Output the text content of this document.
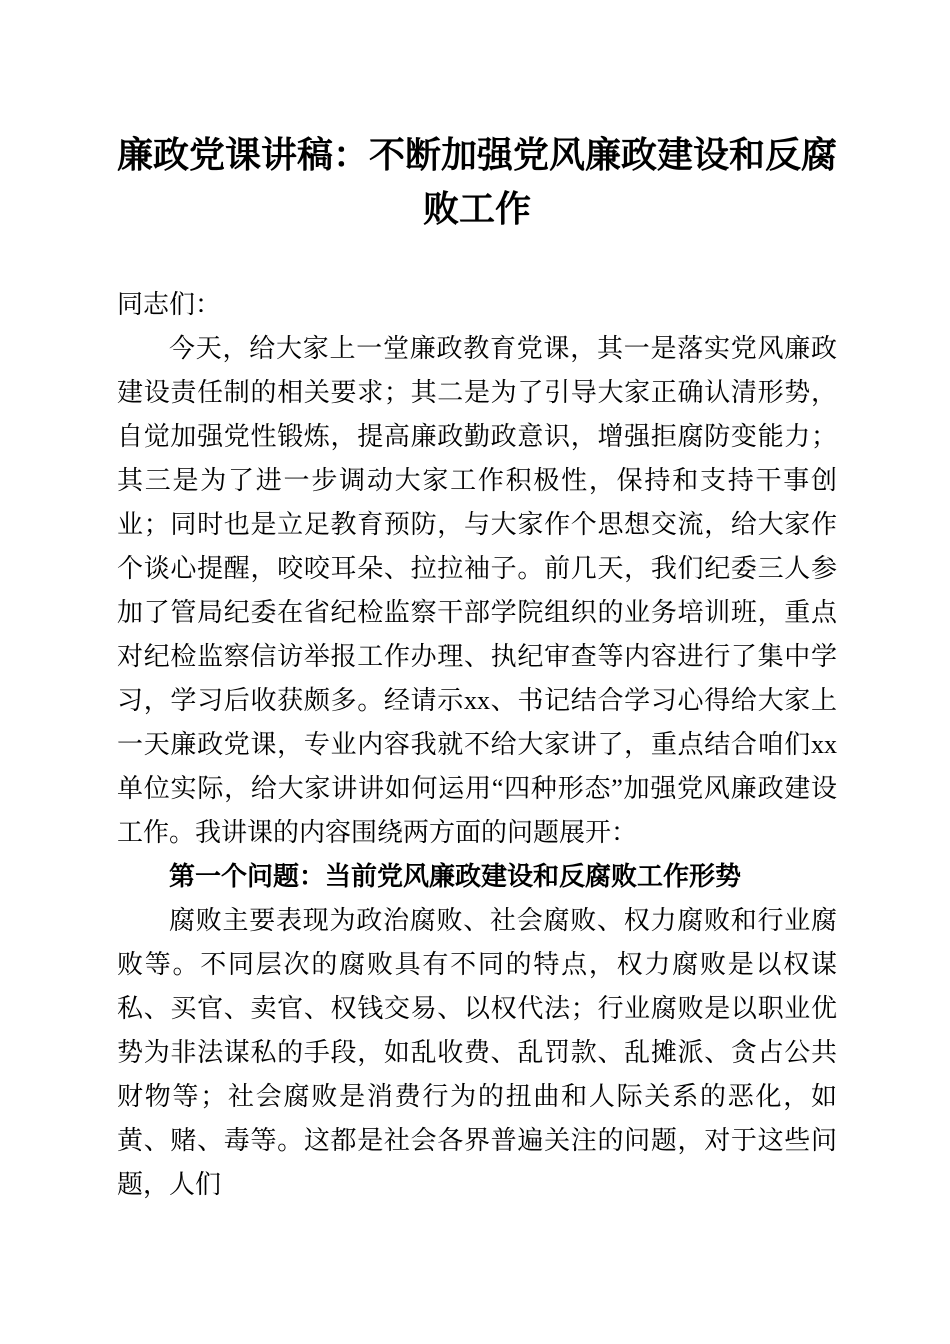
廉政党课讲稿：不断加强党风廉政建设和反腐败工作

同志们：

今天，给大家上一堂廉政教育党课，其一是落实党风廉政建设责任制的相关要求；其二是为了引导大家正确认清形势，自觉加强党性锻炼，提高廉政勤政意识，增强拒腐防变能力；其三是为了进一步调动大家工作积极性，保持和支持干事创业；同时也是立足教育预防，与大家作个思想交流，给大家作个谈心提醒，咬咬耳朵、拉拉袖子。前几天，我们纪委三人参加了管局纪委在省纪检监察干部学院组织的业务培训班，重点对纪检监察信访举报工作办理、执纪审查等内容进行了集中学习，学习后收获颇多。经请示xx、书记结合学习心得给大家上一天廉政党课，专业内容我就不给大家讲了，重点结合咱们xx单位实际，给大家讲讲如何运用“四种形态”加强党风廉政建设工作。我讲课的内容围绕两方面的问题展开：

第一个问题：当前党风廉政建设和反腐败工作形势

腐败主要表现为政治腐败、社会腐败、权力腐败和行业腐败等。不同层次的腐败具有不同的特点，权力腐败是以权谋私、买官、卖官、权钱交易、以权代法；行业腐败是以职业优势为非法谋私的手段，如乱收费、乱罚款、乱摊派、贪占公共财物等；社会腐败是消费行为的扭曲和人际关系的恶化，如黄、赌、毒等。这都是社会各界普遍关注的问题，对于这些问题，人们
